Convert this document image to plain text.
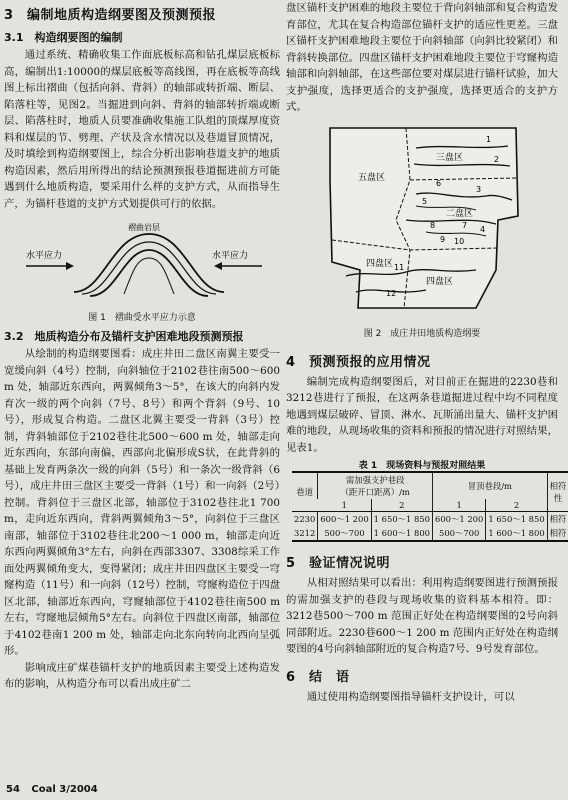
3　编制地质构造纲要图及预测预报
3.1　构造纲要图的编制

通过系统、精确收集工作面底板标高和钻孔煤层底板标高，编制出1:10000的煤层底板等高线图，再在底板等高线图上标出褶曲（包括向斜、背斜）的轴部或转折端、断层、陷落柱等，见图2。当掘进到向斜、背斜的轴部转折端或断层、陷落柱时，地质人员要准确收集施工队组的顶煤厚度资料和煤层的节、劈理、产状及含水情况以及巷道冒顶情况，及时填绘到构造纲要图上，综合分析出影响巷道支护的地质构造因素，然后用所得出的结论预测预报巷道掘进前方可能遇到什么地质构造，要采用什么样的支护方式，从而指导生产，为锚杆巷道的支护方式划提供可行的依据。

水平应力	水平应力
褶曲岩层
图 1　褶曲受水平应力示意
3.2　地质构造分布及锚杆支护困难地段预测预报

从绘制的构造纲要图看：成庄井田二盘区南翼主要受一宽缓向斜（4号）控制，向斜轴位于2102巷往南500～600 m 处，轴部近东西向，两翼倾角3～5°，在该大的向斜内发育次一级的两个向斜（7号、8号）和两个背斜（9号、10号），形成复合构造。二盘区北翼主要受一背斜（3号）控制，背斜轴部位于2102巷往北500～600 m 处，轴部走向近东西向，东部向南偏，西部向北偏形成S状，在此背斜的基础上发育两条次一级的向斜（5号）和一条次一级背斜（6号），成庄井田三盘区主要受一背斜（1号）和一向斜（2号）控制。背斜位于三盘区北部，轴部位于3102巷往北1 700 m，走向近东西向，背斜两翼倾角3～5°，向斜位于三盘区南部，轴部位于3102巷往北200～1 000 m，轴部走向近东西向两翼倾角3°左右，向斜在西部3307、3308综采工作面处两翼倾角变大，变得紧闭；成庄井田四盘区主要受一穹窿构造（11号）和一向斜（12号）控制，穹窿构造位于四盘区北部，轴部近东西向，穹窿轴部位于4102巷往南500 m 左右，穹窿地层倾角5°左右。向斜位于四盘区南部，轴部位于4102巷南1 200 m 处，轴部走向北东向转向北西向呈弧形。

影响成庄矿煤巷锚杆支护的地质因素主要受上述构造发布的影响，从构造分布可以看出成庄矿二

盘区锚杆支护困难的地段主要位于背向斜轴部和复合构造发育部位，尤其在复合构造部位锚杆支护的适应性更差。三盘区锚杆支护困难地段主要位于向斜轴部（向斜比较紧闭）和背斜转换部位。四盘区锚杆支护困难地段主要位于穹窿构造轴部和向斜轴部，在这些部位要对煤层进行锚杆试验，加大支护强度，选择更适合的支护强度，选择更适合的支护方式。

五盘区
三盘区
二盘区
四盘区
四盘区
1
2
3
4
5
6
7
8
9 10
11
12
图 2　成庄井田地质构造纲要
4　预测预报的应用情况

编制完成构造纲要图后，对目前正在掘进的2230巷和3212巷进行了预报，在这两条巷道掘进过程中均不同程度地遇到煤层破碎、冒顶、淋水、瓦斯涌出量大、锚杆支护困难的地段，从现场收集的资料和预报的情况进行对照结果，见表1。

表 1　现场资料与预报对照结果
巷道	需加强支护巷段
（距开口距离）/m		冒顶巷段/m		相符性
	1	2	1	2	
2230	600～1 200	1 650～1 850	600～1 200	1 650～1 850	相符
3212	500～700	1 600～1 800	500～700	1 600～1 800	相符
5　验证情况说明

从相对照结果可以看出：利用构造纲要图进行预测预报的需加强支护的巷段与现场收集的资料基本相符。即：3212巷500～700 m 范围正好处在构造纲要图的2号向斜同部附近。2230巷600～1 200 m 范围内正好处在构造纲要图的4号向斜轴部附近的复合构造7号、9号发育部位。

6　结　语

通过使用构造纲要图指导锚杆支护设计，可以

54 Coal 3/2004
